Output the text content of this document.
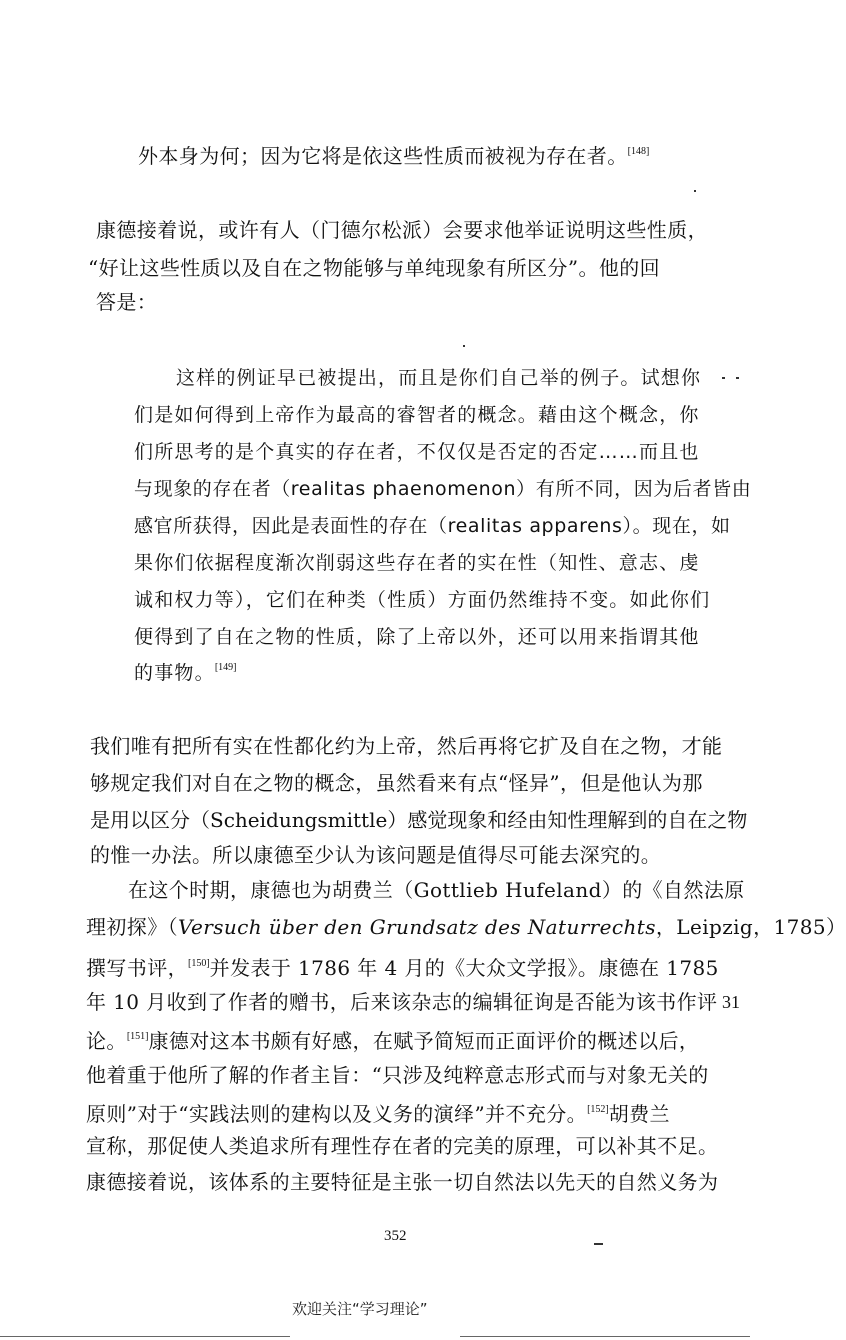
外本身为何；因为它将是依这些性质而被视为存在者。[148]
康德接着说，或许有人（门德尔松派）会要求他举证说明这些性质，
“好让这些性质以及自在之物能够与单纯现象有所区分”。他的回
答是：
这样的例证早已被提出，而且是你们自己举的例子。试想你
们是如何得到上帝作为最高的睿智者的概念。藉由这个概念，你
们所思考的是个真实的存在者，不仅仅是否定的否定……而且也
与现象的存在者（realitas phaenomenon）有所不同，因为后者皆由
感官所获得，因此是表面性的存在（realitas apparens）。现在，如
果你们依据程度渐次削弱这些存在者的实在性（知性、意志、虔
诚和权力等），它们在种类（性质）方面仍然维持不变。如此你们
便得到了自在之物的性质，除了上帝以外，还可以用来指谓其他
的事物。[149]
我们唯有把所有实在性都化约为上帝，然后再将它扩及自在之物，才能
够规定我们对自在之物的概念，虽然看来有点“怪异”，但是他认为那
是用以区分（Scheidungsmittle）感觉现象和经由知性理解到的自在之物
的惟一办法。所以康德至少认为该问题是值得尽可能去深究的。
在这个时期，康德也为胡费兰（Gottlieb Hufeland）的《自然法原
理初探》（Versuch über den Grundsatz des Naturrechts，Leipzig，1785）
撰写书评，[150]并发表于 1786 年 4 月的《大众文学报》。康德在 1785
年 10 月收到了作者的赠书，后来该杂志的编辑征询是否能为该书作评
论。[151]康德对这本书颇有好感，在赋予简短而正面评价的概述以后，
他着重于他所了解的作者主旨：“只涉及纯粹意志形式而与对象无关的
原则”对于“实践法则的建构以及义务的演绎”并不充分。[152]胡费兰
宣称，那促使人类追求所有理性存在者的完美的原理，可以补其不足。
康德接着说，该体系的主要特征是主张一切自然法以先天的自然义务为
31
352
欢迎关注“学习理论”
